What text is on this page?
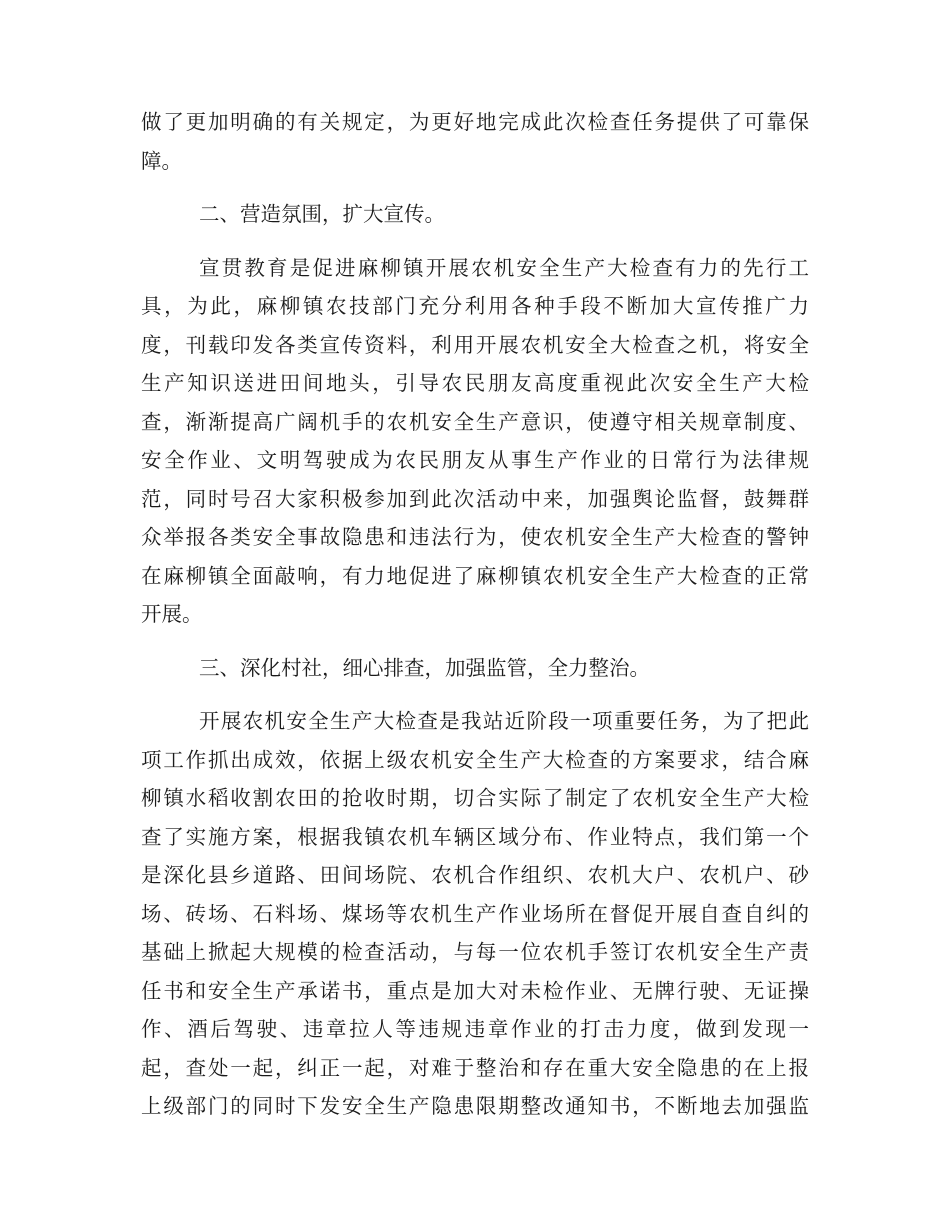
做了更加明确的有关规定，为更好地完成此次检查任务提供了可靠保
障。
二、营造氛围，扩大宣传。
宣贯教育是促进麻柳镇开展农机安全生产大检查有力的先行工
具，为此，麻柳镇农技部门充分利用各种手段不断加大宣传推广力
度，刊载印发各类宣传资料，利用开展农机安全大检查之机，将安全
生产知识送进田间地头，引导农民朋友高度重视此次安全生产大检
查，渐渐提高广阔机手的农机安全生产意识，使遵守相关规章制度、
安全作业、文明驾驶成为农民朋友从事生产作业的日常行为法律规
范，同时号召大家积极参加到此次活动中来，加强舆论监督，鼓舞群
众举报各类安全事故隐患和违法行为，使农机安全生产大检查的警钟
在麻柳镇全面敲响，有力地促进了麻柳镇农机安全生产大检查的正常
开展。
三、深化村社，细心排查，加强监管，全力整治。
开展农机安全生产大检查是我站近阶段一项重要任务，为了把此
项工作抓出成效，依据上级农机安全生产大检查的方案要求，结合麻
柳镇水稻收割农田的抢收时期，切合实际了制定了农机安全生产大检
查了实施方案，根据我镇农机车辆区域分布、作业特点，我们第一个
是深化县乡道路、田间场院、农机合作组织、农机大户、农机户、砂
场、砖场、石料场、煤场等农机生产作业场所在督促开展自查自纠的
基础上掀起大规模的检查活动，与每一位农机手签订农机安全生产责
任书和安全生产承诺书，重点是加大对未检作业、无牌行驶、无证操
作、酒后驾驶、违章拉人等违规违章作业的打击力度，做到发现一
起，查处一起，纠正一起，对难于整治和存在重大安全隐患的在上报
上级部门的同时下发安全生产隐患限期整改通知书，不断地去加强监
